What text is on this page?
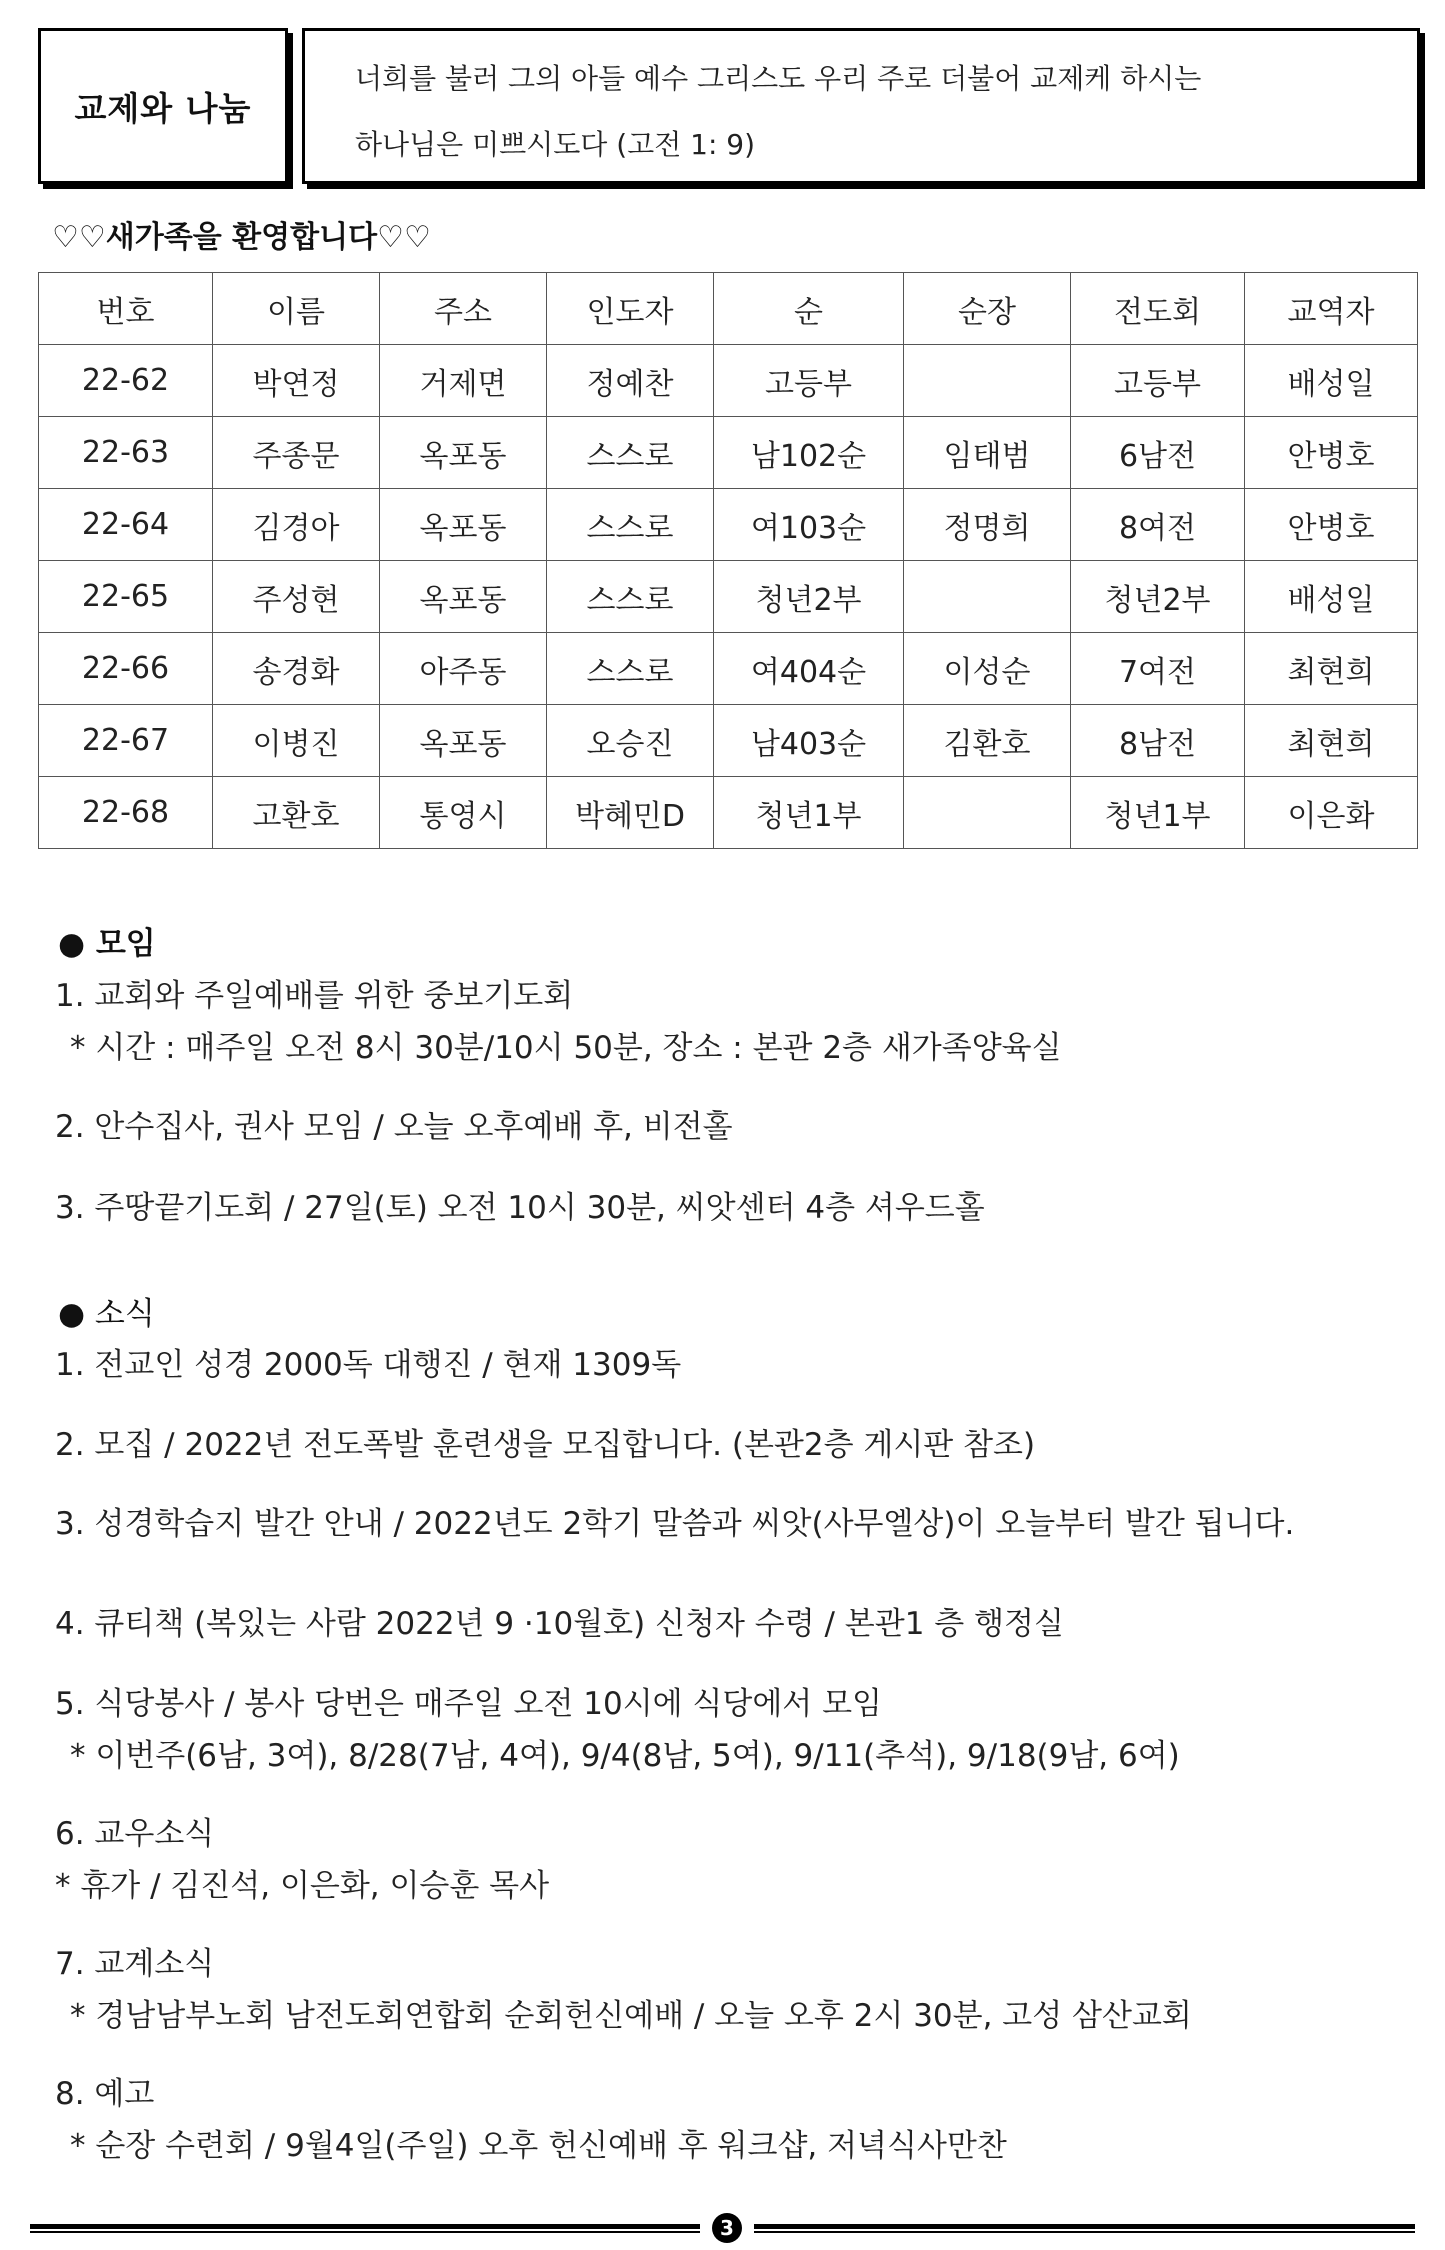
교제와 나눔
너희를 불러 그의 아들 예수 그리스도 우리 주로 더불어 교제케 하시는
하나님은 미쁘시도다 (고전 1: 9)
♡♡새가족을 환영합니다♡♡
번호	이름	주소	인도자	순	순장	전도회	교역자
22-62	박연정	거제면	정예찬	고등부		고등부	배성일
22-63	주종문	옥포동	스스로	남102순	임태범	6남전	안병호
22-64	김경아	옥포동	스스로	여103순	정명희	8여전	안병호
22-65	주성현	옥포동	스스로	청년2부		청년2부	배성일
22-66	송경화	아주동	스스로	여404순	이성순	7여전	최현희
22-67	이병진	옥포동	오승진	남403순	김환호	8남전	최현희
22-68	고환호	통영시	박혜민D	청년1부		청년1부	이은화
● 모임
1. 교회와 주일예배를 위한 중보기도회
* 시간 : 매주일 오전 8시 30분/10시 50분, 장소 : 본관 2층 새가족양육실
2. 안수집사, 권사 모임 / 오늘 오후예배 후, 비전홀
3. 주땅끝기도회 / 27일(토) 오전 10시 30분, 씨앗센터 4층 셔우드홀
● 소식
1. 전교인 성경 2000독 대행진 / 현재 1309독
2. 모집 / 2022년 전도폭발 훈련생을 모집합니다. (본관2층 게시판 참조)
3. 성경학습지 발간 안내 / 2022년도 2학기 말씀과 씨앗(사무엘상)이 오늘부터 발간 됩니다.
4. 큐티책 (복있는 사람 2022년 9 ·10월호) 신청자 수령 / 본관1 층 행정실
5. 식당봉사 / 봉사 당번은 매주일 오전 10시에 식당에서 모임
* 이번주(6남, 3여), 8/28(7남, 4여), 9/4(8남, 5여), 9/11(추석), 9/18(9남, 6여)
6. 교우소식
* 휴가 / 김진석, 이은화, 이승훈 목사
7. 교계소식
* 경남남부노회 남전도회연합회 순회헌신예배 / 오늘 오후 2시 30분, 고성 삼산교회
8. 예고
* 순장 수련회 / 9월4일(주일) 오후 헌신예배 후 워크샵, 저녁식사만찬
3
